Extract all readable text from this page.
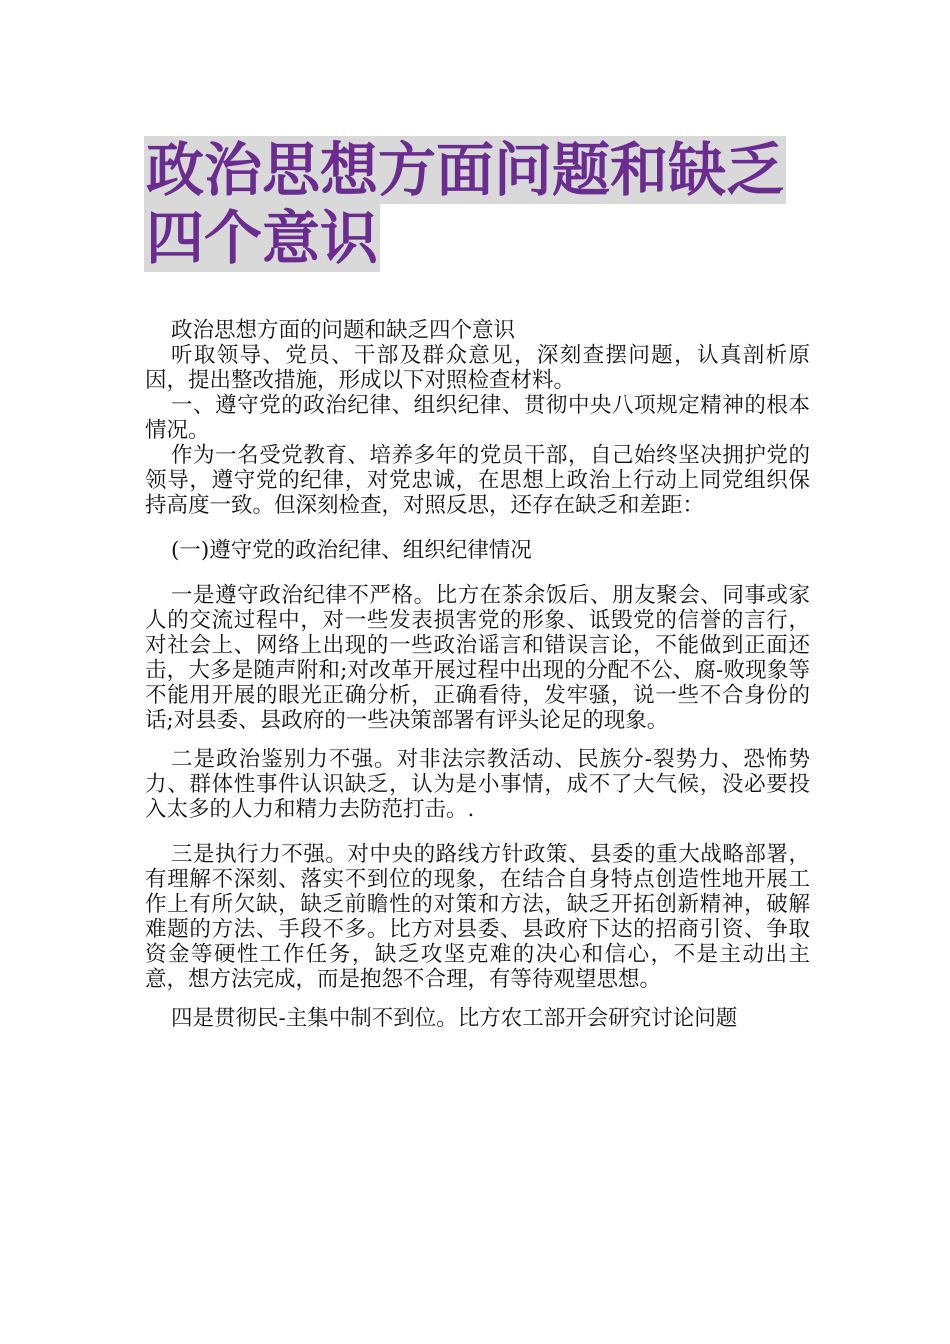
政治思想方面问题和缺乏
四个意识

政治思想方面的问题和缺乏四个意识

听取领导、党员、干部及群众意见，深刻查摆问题，认真剖析原因，提出整改措施，形成以下对照检查材料。

一、遵守党的政治纪律、组织纪律、贯彻中央八项规定精神的根本情况。

作为一名受党教育、培养多年的党员干部，自己始终坚决拥护党的领导，遵守党的纪律，对党忠诚，在思想上政治上行动上同党组织保持高度一致。但深刻检查，对照反思，还存在缺乏和差距：

(一)遵守党的政治纪律、组织纪律情况

一是遵守政治纪律不严格。比方在茶余饭后、朋友聚会、同事或家人的交流过程中，对一些发表损害党的形象、诋毁党的信誉的言行，对社会上、网络上出现的一些政治谣言和错误言论，不能做到正面还击，大多是随声附和;对改革开展过程中出现的分配不公、腐-败现象等不能用开展的眼光正确分析，正确看待，发牢骚，说一些不合身份的话;对县委、县政府的一些决策部署有评头论足的现象。

二是政治鉴别力不强。对非法宗教活动、民族分-裂势力、恐怖势力、群体性事件认识缺乏，认为是小事情，成不了大气候，没必要投入太多的人力和精力去防范打击。.

三是执行力不强。对中央的路线方针政策、县委的重大战略部署，有理解不深刻、落实不到位的现象，在结合自身特点创造性地开展工作上有所欠缺，缺乏前瞻性的对策和方法，缺乏开拓创新精神，破解难题的方法、手段不多。比方对县委、县政府下达的招商引资、争取资金等硬性工作任务，缺乏攻坚克难的决心和信心，不是主动出主意，想方法完成，而是抱怨不合理，有等待观望思想。

四是贯彻民-主集中制不到位。比方农工部开会研究讨论问题
